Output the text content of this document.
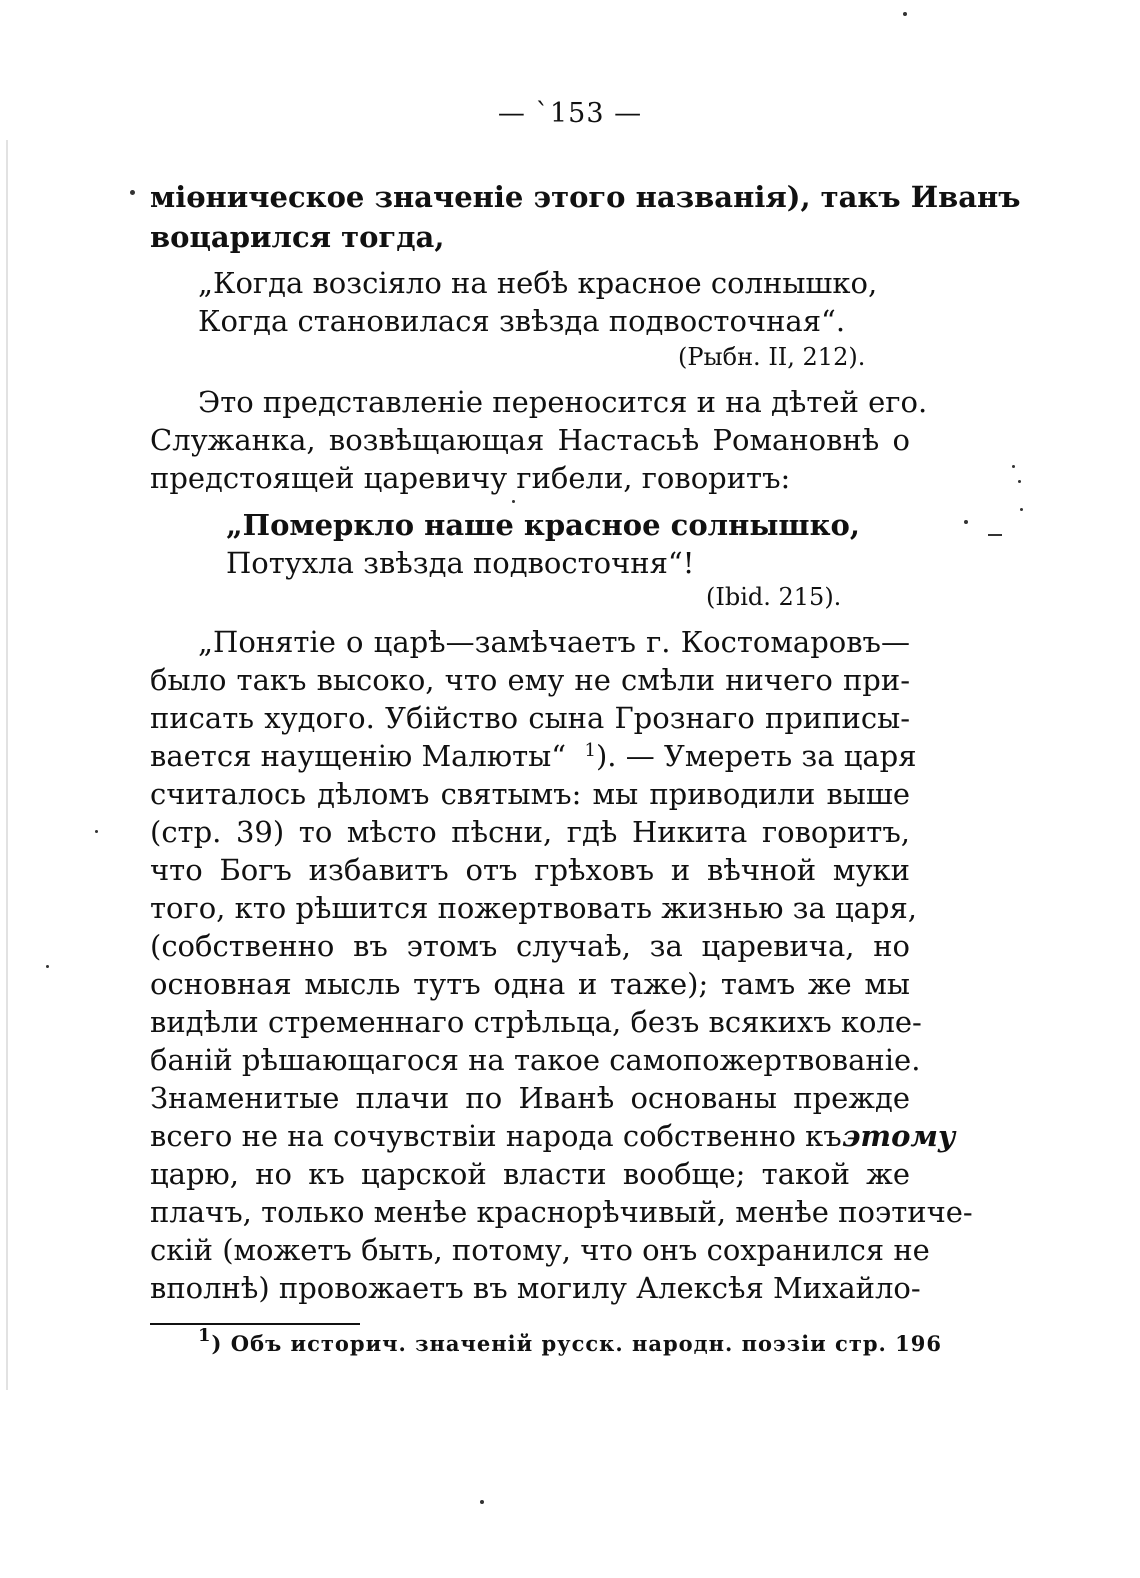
— `153 —
міөническое значеніе этого названія), такъ Иванъ
воцарился тогда,
„Когда возсіяло на небѣ красное солнышко,
Когда становилася звѣзда подвосточная“.
(Рыбн. II, 212).
Это представленіе переносится и на дѣтей его.
Служанка, возвѣщающая Настасьѣ Романовнѣ о
предстоящей царевичу гибели, говоритъ:
„Померкло наше красное солнышко,
Потухла звѣзда подвосточня“!
(Ibid. 215).
„Понятіе о царѣ—замѣчаетъ г. Костомаровъ—
было такъ высоко, что ему не смѣли ничего при-
писать худого. Убійство сына Грознаго приписы-
вается наущенію Малюты“ $^1$). — Умереть за царя
считалось дѣломъ святымъ: мы приводили выше
(стр. 39) то мѣсто пѣсни, гдѣ Никита говоритъ,
что Богъ избавитъ отъ грѣховъ и вѣчной муки
того, кто рѣшится пожертвовать жизнью за царя,
(собственно въ этомъ случаѣ, за царевича, но
основная мысль тутъ одна и таже); тамъ же мы
видѣли стременнаго стрѣльца, безъ всякихъ коле-
баній рѣшающагося на такое самопожертвованіе.
Знаменитые плачи по Иванѣ основаны прежде
всего не на сочувствіи народа собственно къ этому
царю, но къ царской власти вообще; такой же
плачъ, только менѣе краснорѣчивый, менѣе поэтиче-
скій (можетъ быть, потому, что онъ сохранился не
вполнѣ) провожаетъ въ могилу Алексѣя Михайло-
$^1$) Объ историч. значеній русск. народн. поэзіи стр. 196
